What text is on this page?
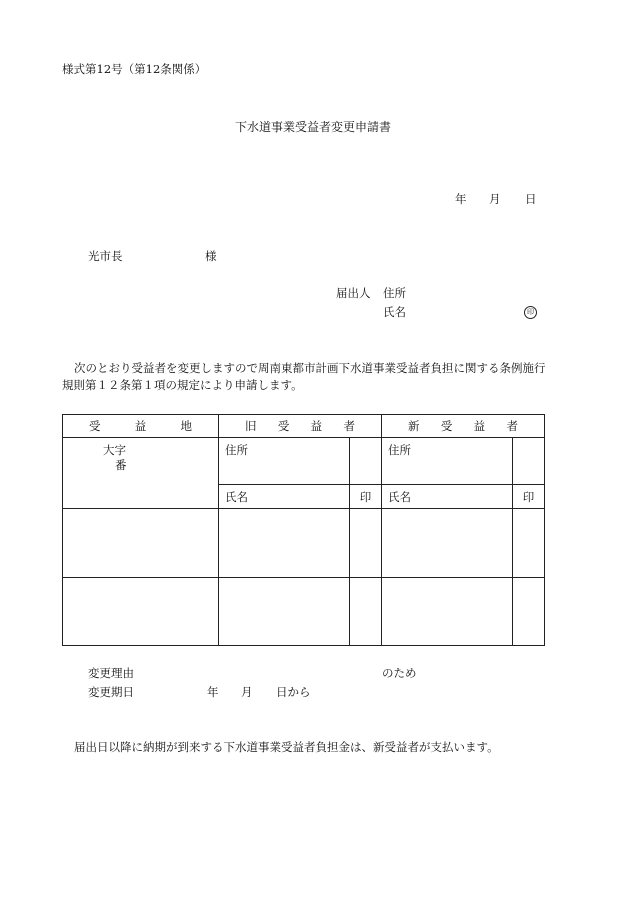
様式第12号（第12条関係）
下水道事業受益者変更申請書
年 月 日
光市長	様
届出人 住所
氏名	印
次のとおり受益者を変更しますので周南東都市計画下水道事業受益者負担に関する条例施行
規則第１２条第１項の規定により申請します。
受 益 地	旧 受 益 者		新 受 益 者	

大字
番	住所		住所	
	氏名	印	氏名	印

変更理由	のため
変更期日	年 月 日から
届出日以降に納期が到来する下水道事業受益者負担金は、新受益者が支払います。
